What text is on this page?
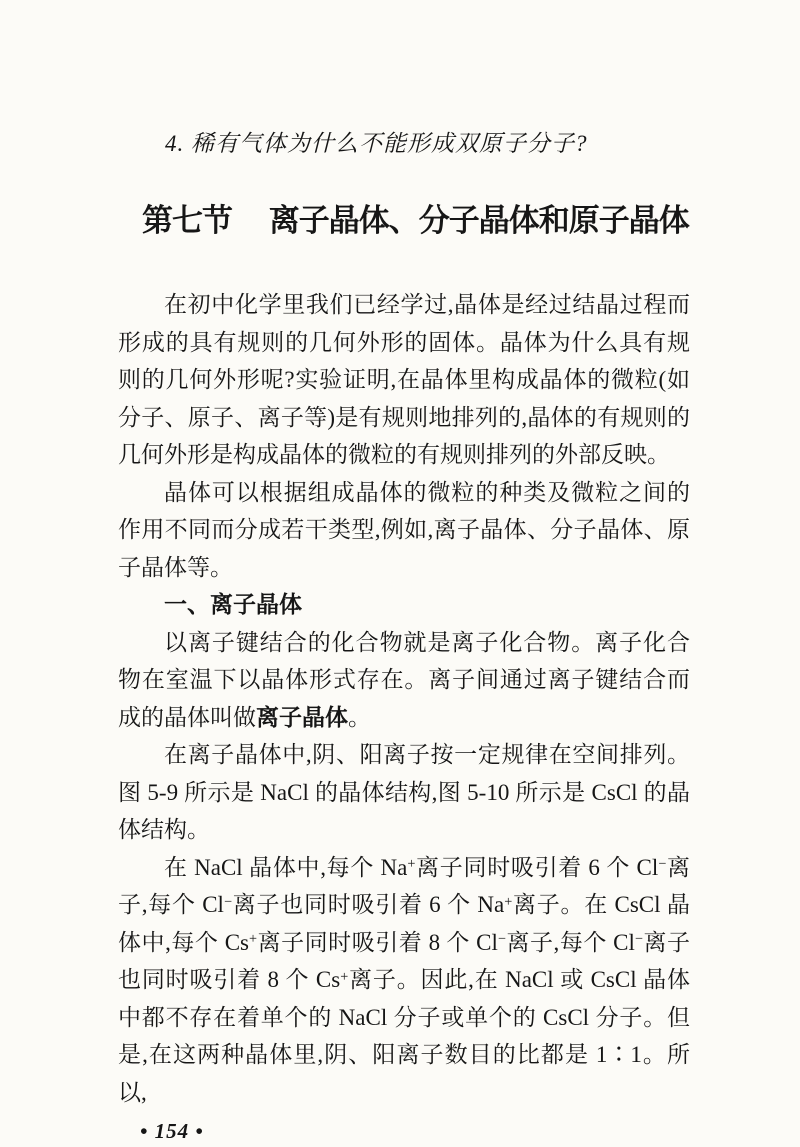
4. 稀有气体为什么不能形成双原子分子?
第七节 离子晶体、分子晶体和原子晶体

在初中化学里我们已经学过,晶体是经过结晶过程而形成的具有规则的几何外形的固体。晶体为什么具有规则的几何外形呢?实验证明,在晶体里构成晶体的微粒(如分子、原子、离子等)是有规则地排列的,晶体的有规则的几何外形是构成晶体的微粒的有规则排列的外部反映。

晶体可以根据组成晶体的微粒的种类及微粒之间的作用不同而分成若干类型,例如,离子晶体、分子晶体、原子晶体等。

一、离子晶体

以离子键结合的化合物就是离子化合物。离子化合物在室温下以晶体形式存在。离子间通过离子键结合而成的晶体叫做离子晶体。

在离子晶体中,阴、阳离子按一定规律在空间排列。图 5-9 所示是 NaCl 的晶体结构,图 5-10 所示是 CsCl 的晶体结构。

在 NaCl 晶体中,每个 Na+离子同时吸引着 6 个 Cl−离子,每个 Cl−离子也同时吸引着 6 个 Na+离子。在 CsCl 晶体中,每个 Cs+离子同时吸引着 8 个 Cl−离子,每个 Cl−离子也同时吸引着 8 个 Cs+离子。因此,在 NaCl 或 CsCl 晶体中都不存在着单个的 NaCl 分子或单个的 CsCl 分子。但是,在这两种晶体里,阴、阳离子数目的比都是 1∶1。所以,

• 154 •
